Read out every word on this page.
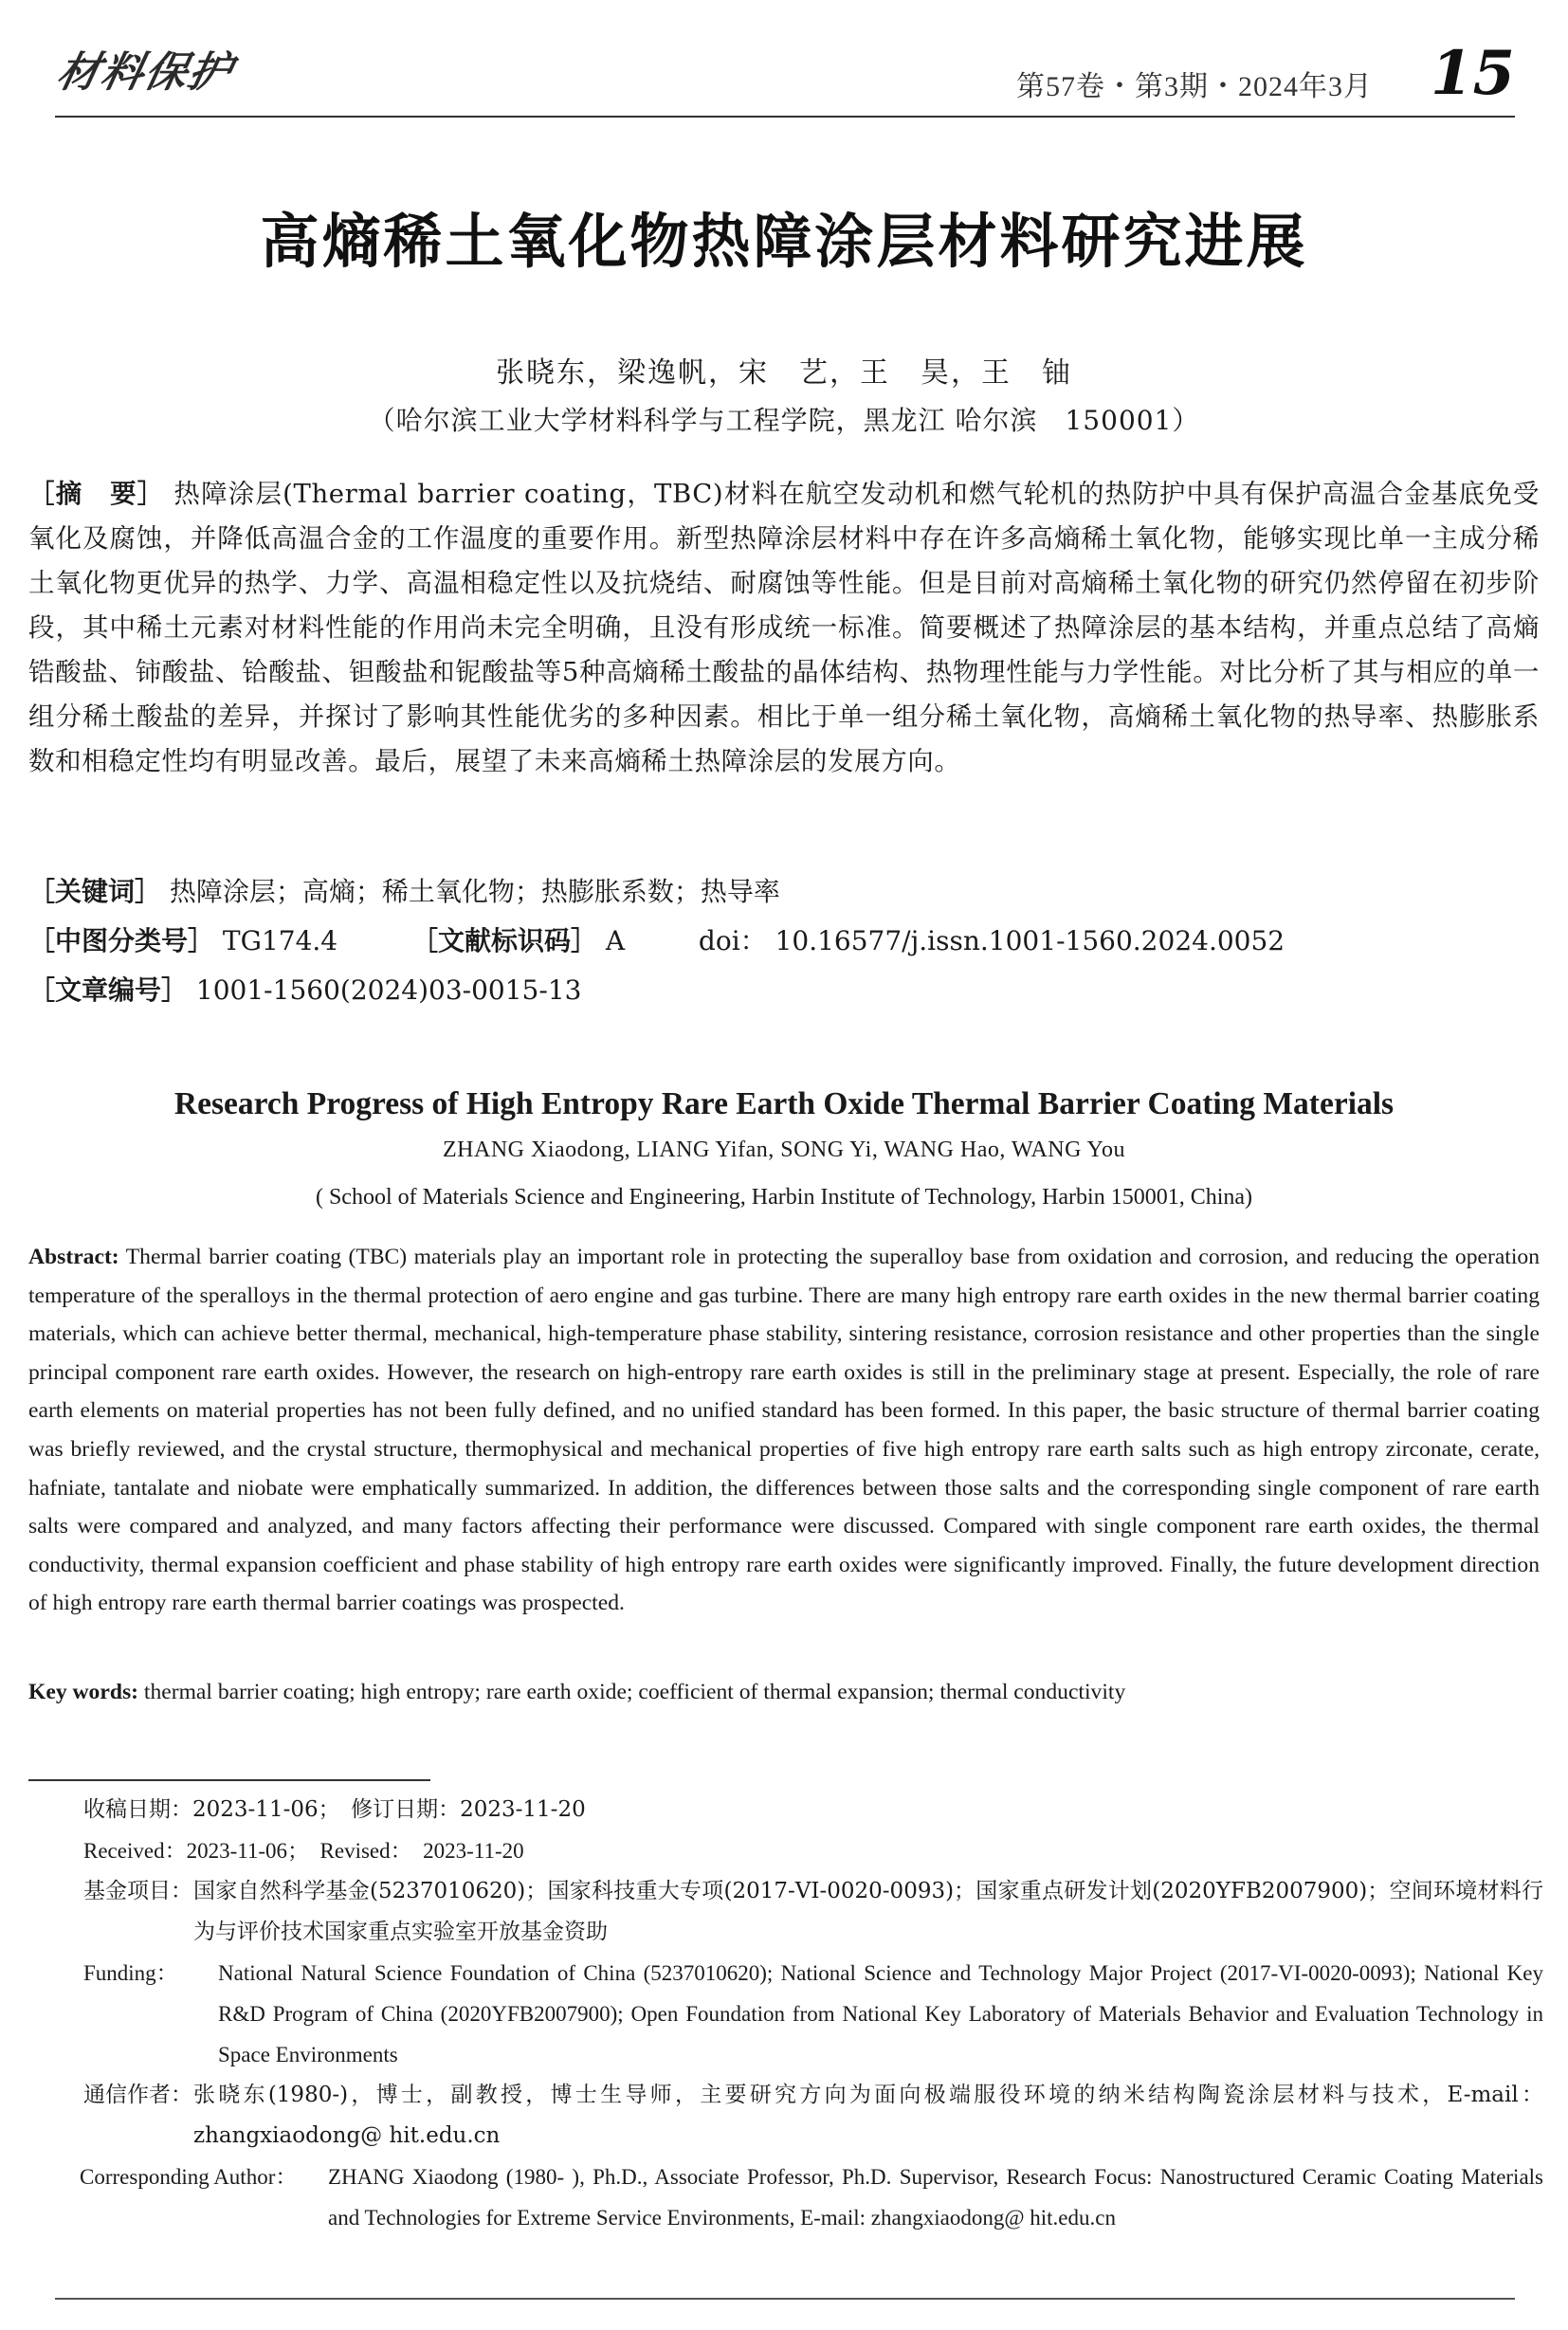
材料保护	第57卷・第3期・2024年3月 15
高熵稀土氧化物热障涂层材料研究进展
张晓东，梁逸帆，宋　艺，王　昊，王　铀
（哈尔滨工业大学材料科学与工程学院，黑龙江 哈尔滨　150001）
［摘　要］ 热障涂层(Thermal barrier coating，TBC)材料在航空发动机和燃气轮机的热防护中具有保护高温合金基底免受氧化及腐蚀，并降低高温合金的工作温度的重要作用。新型热障涂层材料中存在许多高熵稀土氧化物，能够实现比单一主成分稀土氧化物更优异的热学、力学、高温相稳定性以及抗烧结、耐腐蚀等性能。但是目前对高熵稀土氧化物的研究仍然停留在初步阶段，其中稀土元素对材料性能的作用尚未完全明确，且没有形成统一标准。简要概述了热障涂层的基本结构，并重点总结了高熵锆酸盐、铈酸盐、铪酸盐、钽酸盐和铌酸盐等5种高熵稀土酸盐的晶体结构、热物理性能与力学性能。对比分析了其与相应的单一组分稀土酸盐的差异，并探讨了影响其性能优劣的多种因素。相比于单一组分稀土氧化物，高熵稀土氧化物的热导率、热膨胀系数和相稳定性均有明显改善。最后，展望了未来高熵稀土热障涂层的发展方向。
［关键词］ 热障涂层；高熵；稀土氧化物；热膨胀系数；热导率
［中图分类号］ TG174.4	［文献标识码］ A	doi： 10.16577/j.issn.1001-1560.2024.0052
［文章编号］ 1001-1560(2024)03-0015-13
Research Progress of High Entropy Rare Earth Oxide Thermal Barrier Coating Materials
ZHANG Xiaodong, LIANG Yifan, SONG Yi, WANG Hao, WANG You
( School of Materials Science and Engineering, Harbin Institute of Technology, Harbin 150001, China)
Abstract: Thermal barrier coating (TBC) materials play an important role in protecting the superalloy base from oxidation and corrosion, and reducing the operation temperature of the speralloys in the thermal protection of aero engine and gas turbine. There are many high entropy rare earth oxides in the new thermal barrier coating materials, which can achieve better thermal, mechanical, high-temperature phase stability, sintering resistance, corrosion resistance and other properties than the single principal component rare earth oxides. However, the research on high-entropy rare earth oxides is still in the preliminary stage at present. Especially, the role of rare earth elements on material properties has not been fully defined, and no unified standard has been formed. In this paper, the basic structure of thermal barrier coating was briefly reviewed, and the crystal structure, thermophysical and mechanical properties of five high entropy rare earth salts such as high entropy zirconate, cerate, hafniate, tantalate and niobate were emphatically summarized. In addition, the differences between those salts and the corresponding single component of rare earth salts were compared and analyzed, and many factors affecting their performance were discussed. Compared with single component rare earth oxides, the thermal conductivity, thermal expansion coefficient and phase stability of high entropy rare earth oxides were significantly improved. Finally, the future development direction of high entropy rare earth thermal barrier coatings was prospected.
Key words: thermal barrier coating; high entropy; rare earth oxide; coefficient of thermal expansion; thermal conductivity
收稿日期： 2023-11-06；　修订日期：2023-11-20
Received： 2023-11-06；　Revised：　2023-11-20
基金项目： 国家自然科学基金(5237010620)；国家科技重大专项(2017-VI-0020-0093)；国家重点研发计划(2020YFB2007900)；空间环境材料行为与评价技术国家重点实验室开放基金资助
Funding：	National Natural Science Foundation of China (5237010620); National Science and Technology Major Project (2017-VI-0020-0093); National Key R&D Program of China (2020YFB2007900); Open Foundation from National Key Laboratory of Materials Behavior and Evaluation Technology in Space Environments
通信作者： 张晓东(1980-)，博士，副教授，博士生导师，主要研究方向为面向极端服役环境的纳米结构陶瓷涂层材料与技术，E-mail：zhangxiaodong@ hit.edu.cn
Corresponding Author：	ZHANG Xiaodong (1980- ), Ph.D., Associate Professor, Ph.D. Supervisor, Research Focus: Nanostructured Ceramic Coating Materials and Technologies for Extreme Service Environments, E-mail: zhangxiaodong@ hit.edu.cn
